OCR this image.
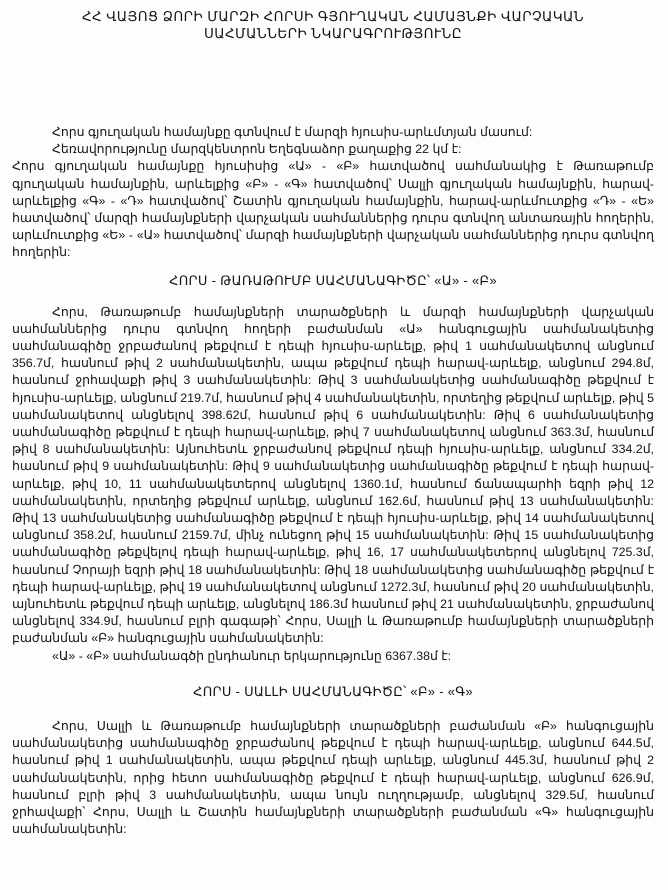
ՀՀ ՎԱՅՈՑ ՁՈՐԻ ՄԱՐԶԻ ՀՈՐՍԻ ԳՅՈՒՂԱԿԱՆ ՀԱՄԱՅՆՔԻ ՎԱՐՉԱԿԱՆ
ՍԱՀՄԱՆՆԵՐԻ ՆԿԱՐԱԳՐՈՒԹՅՈՒՆԸ

Հորս գյուղական համայնքը գտնվում է մարզի հյուսիս-արևմտյան մասում:

Հեռավորությունը մարզկենտրոն Եղեգնաձոր քաղաքից 22 կմ է:

Հորս գյուղական համայնքը հյուսիսից «Ա» - «Բ» հատվածով սահմանակից է Թառաթումբ գյուղական համայնքին, արևելքից «Բ» - «Գ» հատվածով՝ Սալլի գյուղական համայնքին, հարավ-արևելքից «Գ» - «Դ» հատվածով՝ Շատին գյուղական համայնքին, հարավ-արևմուտքից «Դ» - «Ե» հատվածով՝ մարզի համայնքների վարչական սահմաններից դուրս գտնվող անտառային հողերին, արևմուտքից «Ե» - «Ա» հատվածով՝ մարզի համայնքների վարչական սահմաններից դուրս գտնվող հողերին:

ՀՈՐՍ - ԹԱՌԱԹՈՒՄԲ ՍԱՀՄԱՆԱԳԻԾԸ՝ «Ա» - «Բ»

Հորս, Թառաթումբ համայնքների տարածքների և մարզի համայնքների վարչական սահմաններից դուրս գտնվող հողերի բաժանման «Ա» հանգուցային սահմանակետից սահմանագիծը ջրբաժանով թեքվում է դեպի հյուսիս-արևելք, թիվ 1 սահմանակետով անցնում 356.7մ, հասնում թիվ 2 սահմանակետին, ապա թեքվում դեպի հարավ-արևելք, անցնում 294.8մ, հասնում ջրհավաքի թիվ 3 սահմանակետին: Թիվ 3 սահմանակետից սահմանագիծը թեքվում է հյուսիս-արևելք, անցնում 219.7մ, հասնում թիվ 4 սահմանակետին, որտեղից թեքվում արևելք, թիվ 5 սահմանակետով անցնելով 398.62մ, հասնում թիվ 6 սահմանակետին: Թիվ 6 սահմանակետից սահմանագիծը թեքվում է դեպի հարավ-արևելք, թիվ 7 սահմանակետով անցնում 363.3մ, հասնում թիվ 8 սահմանակետին: Այնուհետև ջրբաժանով թեքվում դեպի հյուսիս-արևելք, անցնում 334.2մ, հասնում թիվ 9 սահմանակետին: Թիվ 9 սահմանակետից սահմանագիծը թեքվում է դեպի հարավ-արևելք, թիվ 10, 11 սահմանակետերով անցնելով 1360.1մ, հասնում ճանապարհի եզրի թիվ 12 սահմանակետին, որտեղից թեքվում արևելք, անցնում 162.6մ, հասնում թիվ 13 սահմանակետին: Թիվ 13 սահմանակետից սահմանագիծը թեքվում է դեպի հյուսիս-արևելք, թիվ 14 սահմանակետով անցնում 358.2մ, հասնում 2159.7մ, մինչ ունեցող թիվ 15 սահմանակետին: Թիվ 15 սահմանակետից սահմանագիծը թեքվելով դեպի հարավ-արևելք, թիվ 16, 17 սահմանակետերով անցնելով 725.3մ, հասնում Չորայի եզրի թիվ 18 սահմանակետին: Թիվ 18 սահմանակետից սահմանագիծը թեքվում է դեպի հարավ-արևելք, թիվ 19 սահմանակետով անցնում 1272.3մ, հասնում թիվ 20 սահմանակետին, այնուհետև թեքվում դեպի արևելք, անցնելով 186.3մ հասնում թիվ 21 սահմանակետին, ջրբաժանով անցնելով 334.9մ, հասնում բլրի գագաթի՝ Հորս, Սալլի և Թառաթումբ համայնքների տարածքների բաժանման «Բ» հանգուցային սահմանակետին:

«Ա» - «Բ» սահմանագծի ընդհանուր երկարությունը 6367.38մ է:

ՀՈՐՍ - ՍԱԼԼԻ ՍԱՀՄԱՆԱԳԻԾԸ՝ «Բ» - «Գ»

Հորս, Սալլի և Թառաթումբ համայնքների տարածքների բաժանման «Բ» հանգուցային սահմանակետից սահմանագիծը ջրբաժանով թեքվում է դեպի հարավ-արևելք, անցնում 644.5մ, հասնում թիվ 1 սահմանակետին, ապա թեքվում դեպի արևելք, անցնում 445.3մ, հասնում թիվ 2 սահմանակետին, որից հետո սահմանագիծը թեքվում է դեպի հարավ-արևելք, անցնում 626.9մ, հասնում բլրի թիվ 3 սահմանակետին, ապա նույն ուղղությամբ, անցնելով 329.5մ, հասնում ջրհավաքի՝ Հորս, Սալլի և Շատին համայնքների տարածքների բաժանման «Գ» հանգուցային սահմանակետին:
